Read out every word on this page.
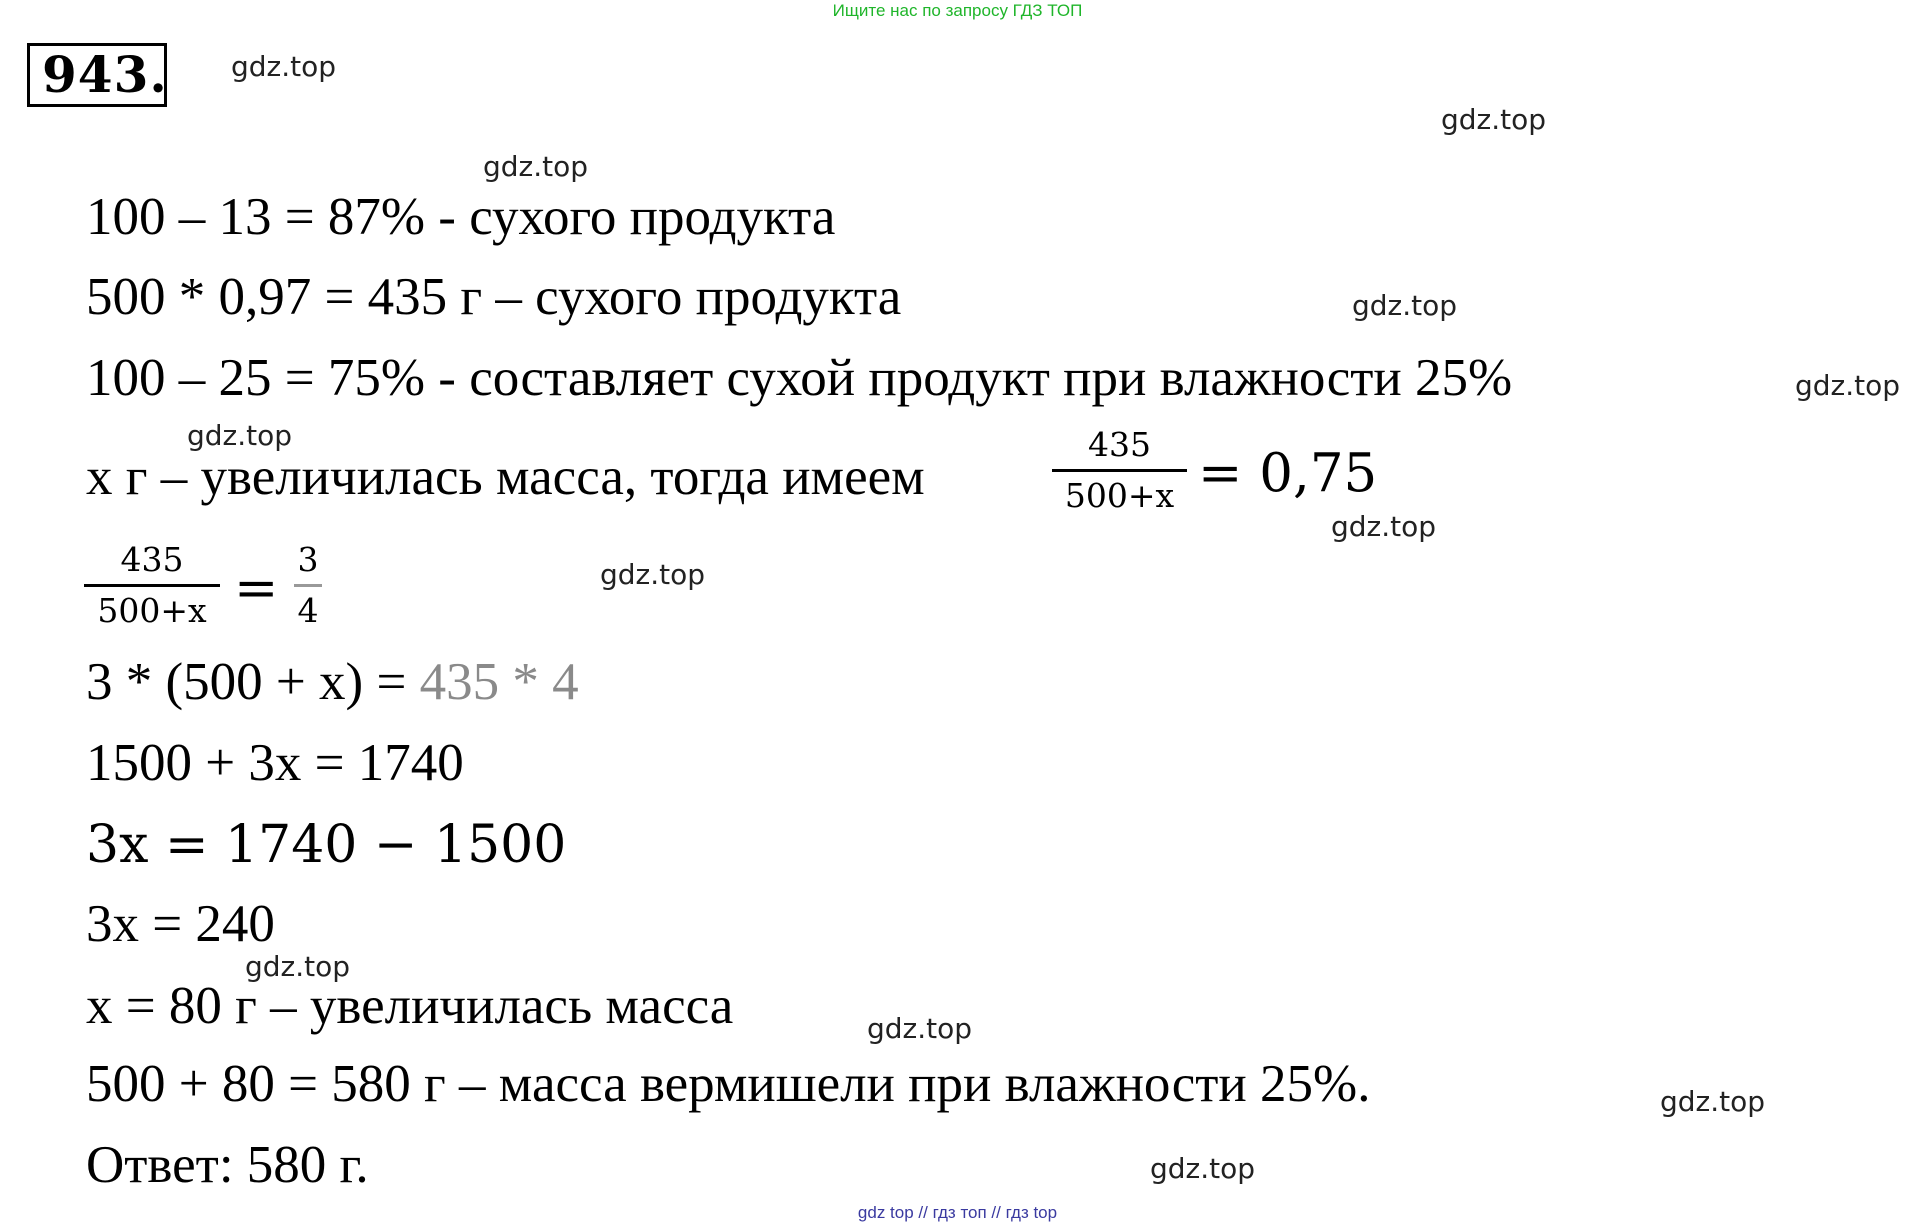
Ищите нас по запросу ГДЗ ТОП
943. gdz.top
gdz.top
gdz.top
gdz.top
gdz.top
gdz.top
gdz.top
gdz.top
gdz.top
gdz.top
gdz.top
gdz.top
100 – 13 = 87% - сухого продукта
500 * 0,97 = 435 г – сухого продукта
100 – 25 = 75% - составляет сухой продукт при влажности 25%
х г – увеличилась масса, тогда имеем
435
500+x = 0,75
435
500+x = 3
4
3 * (500 + х) = 435 * 4
1500 + 3х = 1740
3x = 1740 − 1500
3х = 240
х = 80 г – увеличилась масса
500 + 80 = 580 г – масса вермишели при влажности 25%.
Ответ: 580 г.
gdz top // гдз топ // гдз top
